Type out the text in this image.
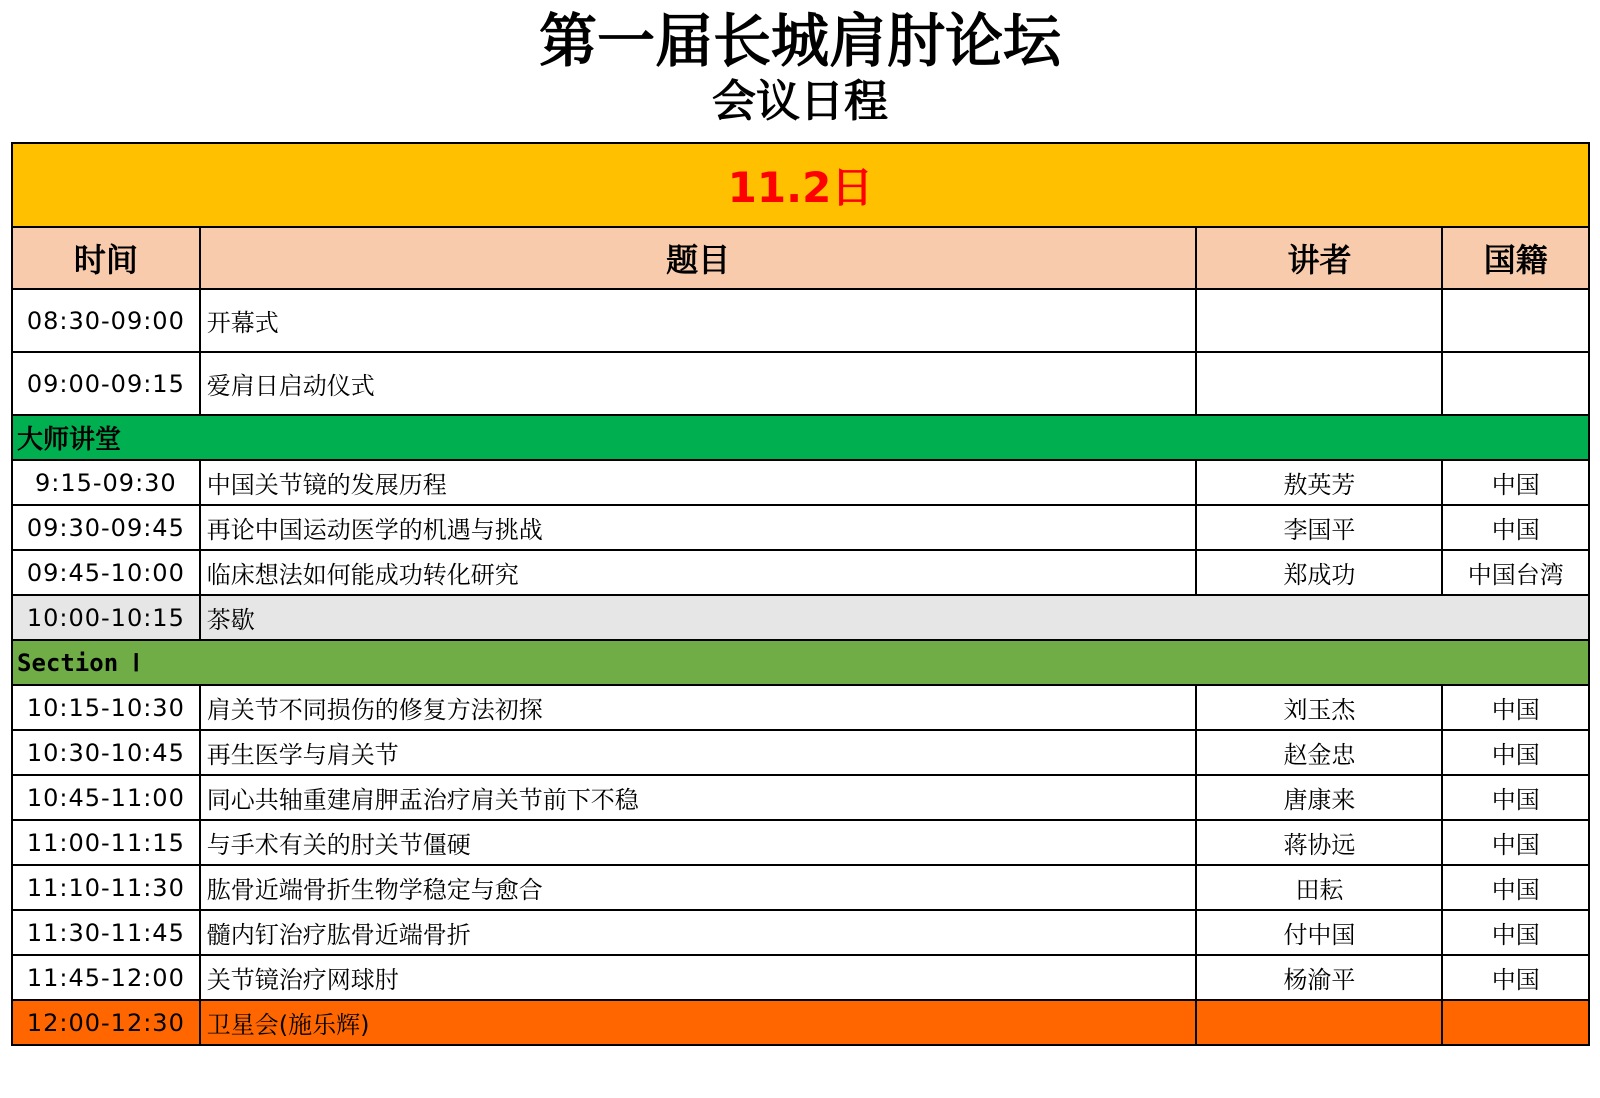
第一届长城肩肘论坛
会议日程
11.2日			
时间	题目	讲者	国籍
08:30-09:00	开幕式		
09:00-09:15	爱肩日启动仪式		
大师讲堂			
9:15-09:30	中国关节镜的发展历程	敖英芳	中国
09:30-09:45	再论中国运动医学的机遇与挑战	李国平	中国
09:45-10:00	临床想法如何能成功转化研究	郑成功	中国台湾
10:00-10:15	茶歇		
Section Ⅰ			
10:15-10:30	肩关节不同损伤的修复方法初探	刘玉杰	中国
10:30-10:45	再生医学与肩关节	赵金忠	中国
10:45-11:00	同心共轴重建肩胛盂治疗肩关节前下不稳	唐康来	中国
11:00-11:15	与手术有关的肘关节僵硬	蒋协远	中国
11:10-11:30	肱骨近端骨折生物学稳定与愈合	田耘	中国
11:30-11:45	髓内钉治疗肱骨近端骨折	付中国	中国
11:45-12:00	关节镜治疗网球肘	杨渝平	中国
12:00-12:30	卫星会(施乐辉)		
